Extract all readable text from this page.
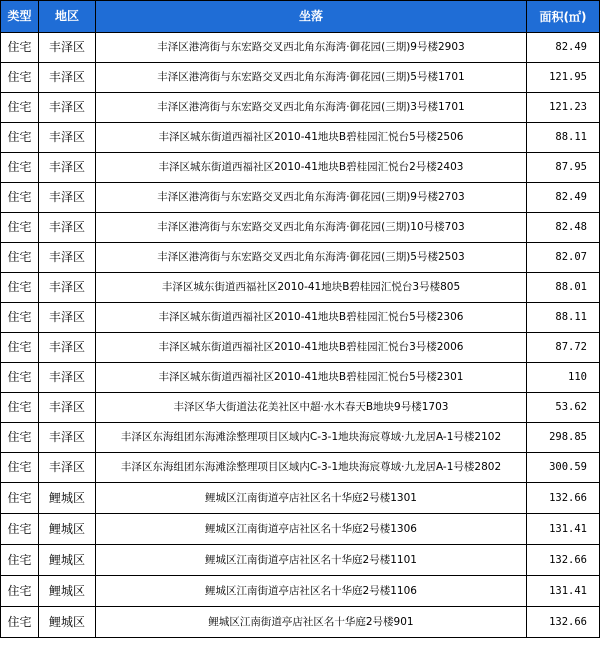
类型	地区	坐落	面积(㎡)
住宅	丰泽区	丰泽区港湾街与东宏路交叉西北角东海湾·御花园(三期)9号楼2903	82.49
住宅	丰泽区	丰泽区港湾街与东宏路交叉西北角东海湾·御花园(三期)5号楼1701	121.95
住宅	丰泽区	丰泽区港湾街与东宏路交叉西北角东海湾·御花园(三期)3号楼1701	121.23
住宅	丰泽区	丰泽区城东街道西福社区2010-41地块B碧桂园汇悦台5号楼2506	88.11
住宅	丰泽区	丰泽区城东街道西福社区2010-41地块B碧桂园汇悦台2号楼2403	87.95
住宅	丰泽区	丰泽区港湾街与东宏路交叉西北角东海湾·御花园(三期)9号楼2703	82.49
住宅	丰泽区	丰泽区港湾街与东宏路交叉西北角东海湾·御花园(三期)10号楼703	82.48
住宅	丰泽区	丰泽区港湾街与东宏路交叉西北角东海湾·御花园(三期)5号楼2503	82.07
住宅	丰泽区	丰泽区城东街道西福社区2010-41地块B碧桂园汇悦台3号楼805	88.01
住宅	丰泽区	丰泽区城东街道西福社区2010-41地块B碧桂园汇悦台5号楼2306	88.11
住宅	丰泽区	丰泽区城东街道西福社区2010-41地块B碧桂园汇悦台3号楼2006	87.72
住宅	丰泽区	丰泽区城东街道西福社区2010-41地块B碧桂园汇悦台5号楼2301	110
住宅	丰泽区	丰泽区华大街道法花美社区中超·水木春天B地块9号楼1703	53.62
住宅	丰泽区	丰泽区东海组团东海滩涂整理项目区域内C-3-1地块海宸尊域·九龙居A-1号楼2102	298.85
住宅	丰泽区	丰泽区东海组团东海滩涂整理项目区域内C-3-1地块海宸尊域·九龙居A-1号楼2802	300.59
住宅	鲤城区	鲤城区江南街道亭店社区名十华庭2号楼1301	132.66
住宅	鲤城区	鲤城区江南街道亭店社区名十华庭2号楼1306	131.41
住宅	鲤城区	鲤城区江南街道亭店社区名十华庭2号楼1101	132.66
住宅	鲤城区	鲤城区江南街道亭店社区名十华庭2号楼1106	131.41
住宅	鲤城区	鲤城区江南街道亭店社区名十华庭2号楼901	132.66
